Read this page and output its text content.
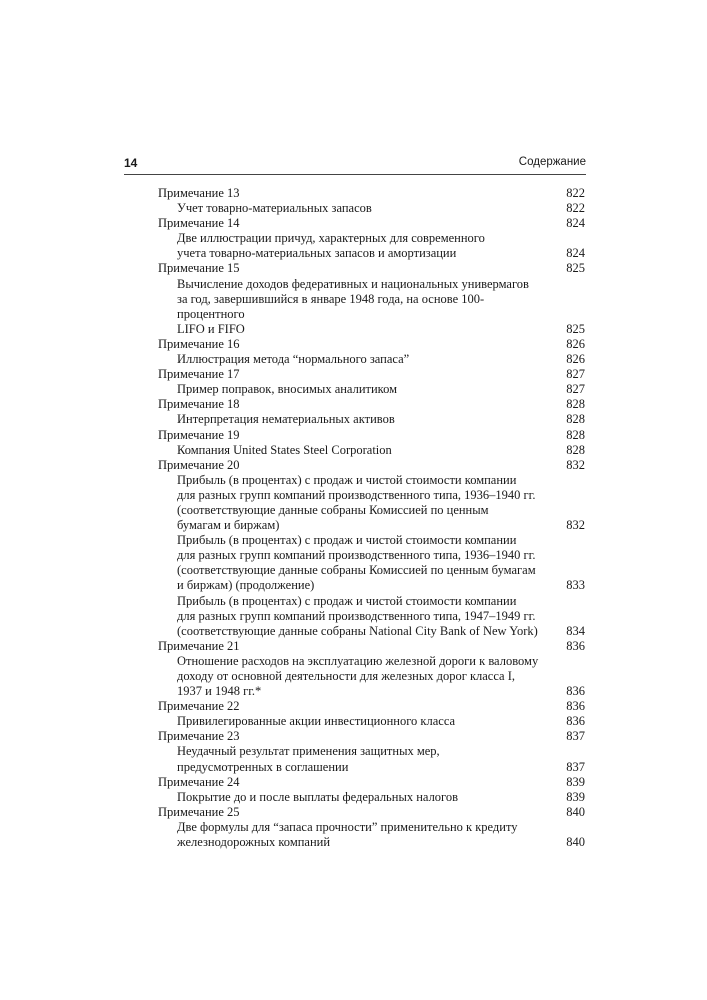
14	Содержание
Примечание 13	822
Учет товарно-материальных запасов	822
Примечание 14	824
Две иллюстрации причуд, характерных для современного
учета товарно-материальных запасов и амортизации	824
Примечание 15	825
Вычисление доходов федеративных и национальных универмагов
за год, завершившийся в январе 1948 года, на основе 100-процентного
LIFO и FIFO	825
Примечание 16	826
Иллюстрация метода “нормального запаса”	826
Примечание 17	827
Пример поправок, вносимых аналитиком	827
Примечание 18	828
Интерпретация нематериальных активов	828
Примечание 19	828
Компания United States Steel Corporation	828
Примечание 20	832
Прибыль (в процентах) с продаж и чистой стоимости компании
для разных групп компаний производственного типа, 1936–1940 гг.
(соответствующие данные собраны Комиссией по ценным
бумагам и биржам)	832
Прибыль (в процентах) с продаж и чистой стоимости компании
для разных групп компаний производственного типа, 1936–1940 гг.
(соответствующие данные собраны Комиссией по ценным бумагам
и биржам) (продолжение)	833
Прибыль (в процентах) с продаж и чистой стоимости компании
для разных групп компаний производственного типа, 1947–1949 гг.
(соответствующие данные собраны National City Bank of New York)	834
Примечание 21	836
Отношение расходов на эксплуатацию железной дороги к валовому
доходу от основной деятельности для железных дорог класса I,
1937 и 1948 гг.*	836
Примечание 22	836
Привилегированные акции инвестиционного класса	836
Примечание 23	837
Неудачный результат применения защитных мер,
предусмотренных в соглашении	837
Примечание 24	839
Покрытие до и после выплаты федеральных налогов	839
Примечание 25	840
Две формулы для “запаса прочности” применительно к кредиту
железнодорожных компаний	840
